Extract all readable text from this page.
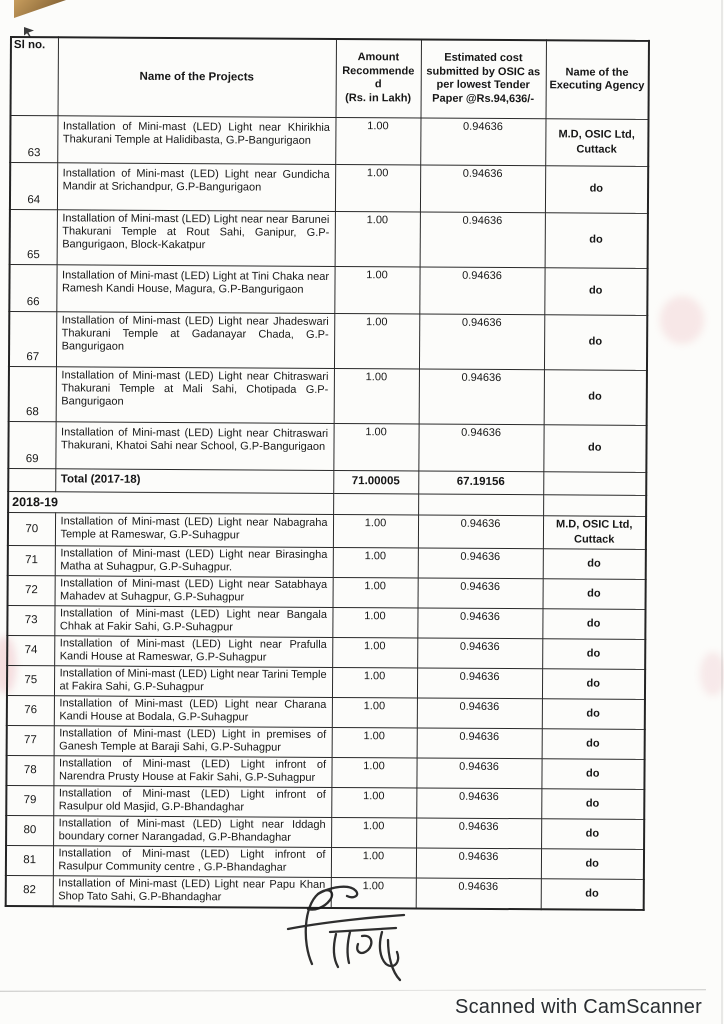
Sl no.	Name of the Projects	Amount
Recommende
d
(Rs. in Lakh)	Estimated cost
submitted by OSIC as
per lowest Tender
Paper @Rs.94,636/-	Name of the
Executing Agency
63	Installation of Mini-mast (LED) Light near Khirikhia Thakurani Temple at Halidibasta, G.P-Bangurigaon	1.00	0.94636	M.D, OSIC Ltd,
Cuttack
64	Installation of Mini-mast (LED) Light near Gundicha Mandir at Srichandpur, G.P-Bangurigaon	1.00	0.94636	do
65	Installation of Mini-mast (LED) Light near near Barunei Thakurani Temple at Rout Sahi, Ganipur, G.P-Bangurigaon, Block-Kakatpur	1.00	0.94636	do
66	Installation of Mini-mast (LED) Light at Tini Chaka near Ramesh Kandi House, Magura, G.P-Bangurigaon	1.00	0.94636	do
67	Installation of Mini-mast (LED) Light near Jhadeswari Thakurani Temple at Gadanayar Chada, G.P-Bangurigaon	1.00	0.94636	do
68	Installation of Mini-mast (LED) Light near Chitraswari Thakurani Temple at Mali Sahi, Chotipada G.P-Bangurigaon	1.00	0.94636	do
69	Installation of Mini-mast (LED) Light near Chitraswari Thakurani, Khatoi Sahi near School, G.P-Bangurigaon	1.00	0.94636	do
	Total (2017-18)	71.00005	67.19156	
2018-19				
70	Installation of Mini-mast (LED) Light near Nabagraha Temple at Rameswar, G.P-Suhagpur	1.00	0.94636	M.D, OSIC Ltd,
Cuttack
71	Installation of Mini-mast (LED) Light near Birasingha Matha at Suhagpur, G.P-Suhagpur.	1.00	0.94636	do
72	Installation of Mini-mast (LED) Light near Satabhaya Mahadev at Suhagpur, G.P-Suhagpur	1.00	0.94636	do
73	Installation of Mini-mast (LED) Light near Bangala Chhak at Fakir Sahi, G.P-Suhagpur	1.00	0.94636	do
74	Installation of Mini-mast (LED) Light near Prafulla Kandi House at Rameswar, G.P-Suhagpur	1.00	0.94636	do
75	Installation of Mini-mast (LED) Light near Tarini Temple at Fakira Sahi, G.P-Suhagpur	1.00	0.94636	do
76	Installation of Mini-mast (LED) Light near Charana Kandi House at Bodala, G.P-Suhagpur	1.00	0.94636	do
77	Installation of Mini-mast (LED) Light in premises of Ganesh Temple at Baraji Sahi, G.P-Suhagpur	1.00	0.94636	do
78	Installation of Mini-mast (LED) Light infront of Narendra Prusty House at Fakir Sahi, G.P-Suhagpur	1.00	0.94636	do
79	Installation of Mini-mast (LED) Light infront of Rasulpur old Masjid, G.P-Bhandaghar	1.00	0.94636	do
80	Installation of Mini-mast (LED) Light near Iddagh boundary corner Narangadad, G.P-Bhandaghar	1.00	0.94636	do
81	Installation of Mini-mast (LED) Light infront of Rasulpur Community centre , G.P-Bhandaghar	1.00	0.94636	do
82	Installation of Mini-mast (LED) Light near Papu Khan Shop Tato Sahi, G.P-Bhandaghar	1.00	0.94636	do
Scanned with CamScanner
